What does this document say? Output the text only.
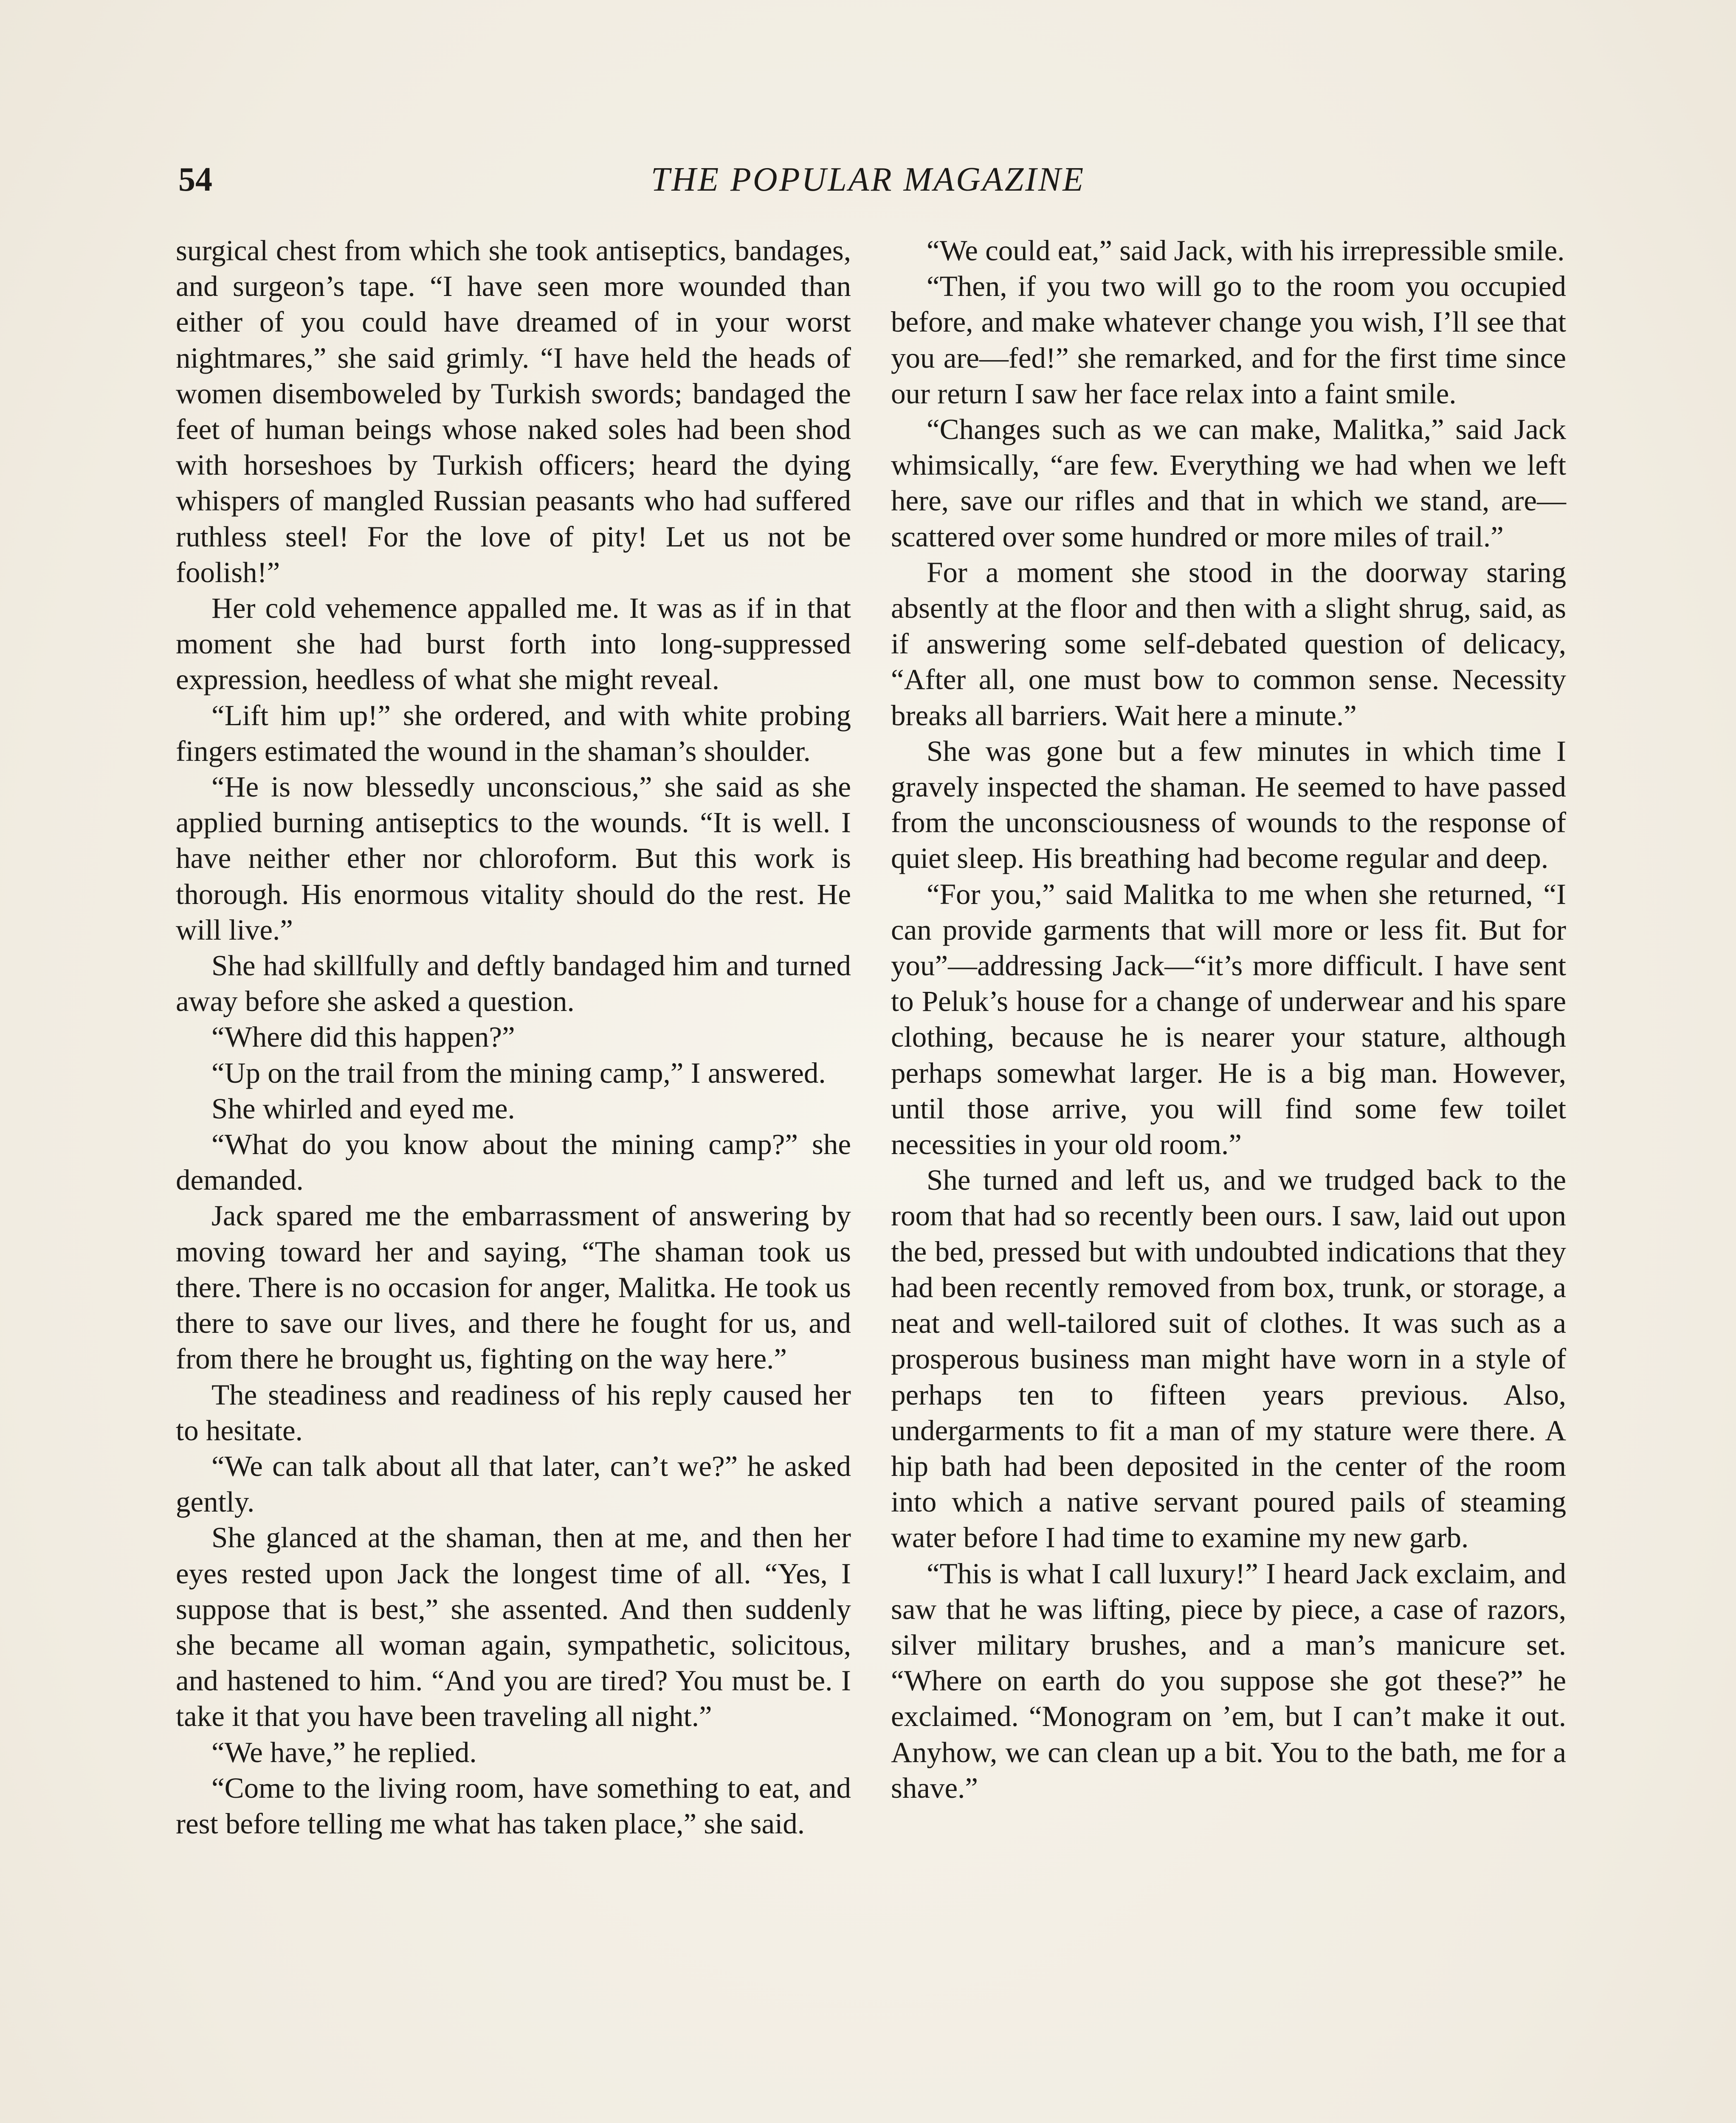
54	THE POPULAR MAGAZINE

surgical chest from which she took antiseptics, bandages, and surgeon’s tape. “I have seen more wounded than either of you could have dreamed of in your worst nightmares,” she said grimly. “I have held the heads of women disemboweled by Turkish swords; bandaged the feet of human beings whose naked soles had been shod with horseshoes by Turkish officers; heard the dying whispers of mangled Russian peasants who had suffered ruthless steel! For the love of pity! Let us not be foolish!”

Her cold vehemence appalled me. It was as if in that moment she had burst forth into long-suppressed expression, heedless of what she might reveal.

“Lift him up!” she ordered, and with white probing fingers estimated the wound in the shaman’s shoulder.

“He is now blessedly unconscious,” she said as she applied burning antiseptics to the wounds. “It is well. I have neither ether nor chloroform. But this work is thorough. His enormous vitality should do the rest. He will live.”

She had skillfully and deftly bandaged him and turned away before she asked a question.

“Where did this happen?”

“Up on the trail from the mining camp,” I answered.

She whirled and eyed me.

“What do you know about the mining camp?” she demanded.

Jack spared me the embarrassment of answering by moving toward her and saying, “The shaman took us there. There is no occasion for anger, Malitka. He took us there to save our lives, and there he fought for us, and from there he brought us, fighting on the way here.”

The steadiness and readiness of his reply caused her to hesitate.

“We can talk about all that later, can’t we?” he asked gently.

She glanced at the shaman, then at me, and then her eyes rested upon Jack the longest time of all. “Yes, I suppose that is best,” she assented. And then suddenly she became all woman again, sympathetic, solicitous, and hastened to him. “And you are tired? You must be. I take it that you have been traveling all night.”

“We have,” he replied.

“Come to the living room, have something to eat, and rest before telling me what has taken place,” she said.

“We could eat,” said Jack, with his irrepressible smile.

“Then, if you two will go to the room you occupied before, and make whatever change you wish, I’ll see that you are—fed!” she remarked, and for the first time since our return I saw her face relax into a faint smile.

“Changes such as we can make, Malitka,” said Jack whimsically, “are few. Everything we had when we left here, save our rifles and that in which we stand, are—scattered over some hundred or more miles of trail.”

For a moment she stood in the doorway staring absently at the floor and then with a slight shrug, said, as if answering some self-debated question of delicacy, “After all, one must bow to common sense. Necessity breaks all barriers. Wait here a minute.”

She was gone but a few minutes in which time I gravely inspected the shaman. He seemed to have passed from the unconsciousness of wounds to the response of quiet sleep. His breathing had become regular and deep.

“For you,” said Malitka to me when she returned, “I can provide garments that will more or less fit. But for you”—addressing Jack—“it’s more difficult. I have sent to Peluk’s house for a change of underwear and his spare clothing, because he is nearer your stature, although perhaps somewhat larger. He is a big man. However, until those arrive, you will find some few toilet necessities in your old room.”

She turned and left us, and we trudged back to the room that had so recently been ours. I saw, laid out upon the bed, pressed but with undoubted indications that they had been recently removed from box, trunk, or storage, a neat and well-tailored suit of clothes. It was such as a prosperous business man might have worn in a style of perhaps ten to fifteen years previous. Also, undergarments to fit a man of my stature were there. A hip bath had been deposited in the center of the room into which a native servant poured pails of steaming water before I had time to examine my new garb.

“This is what I call luxury!” I heard Jack exclaim, and saw that he was lifting, piece by piece, a case of razors, silver military brushes, and a man’s manicure set. “Where on earth do you suppose she got these?” he exclaimed. “Monogram on ’em, but I can’t make it out. Anyhow, we can clean up a bit. You to the bath, me for a shave.”
